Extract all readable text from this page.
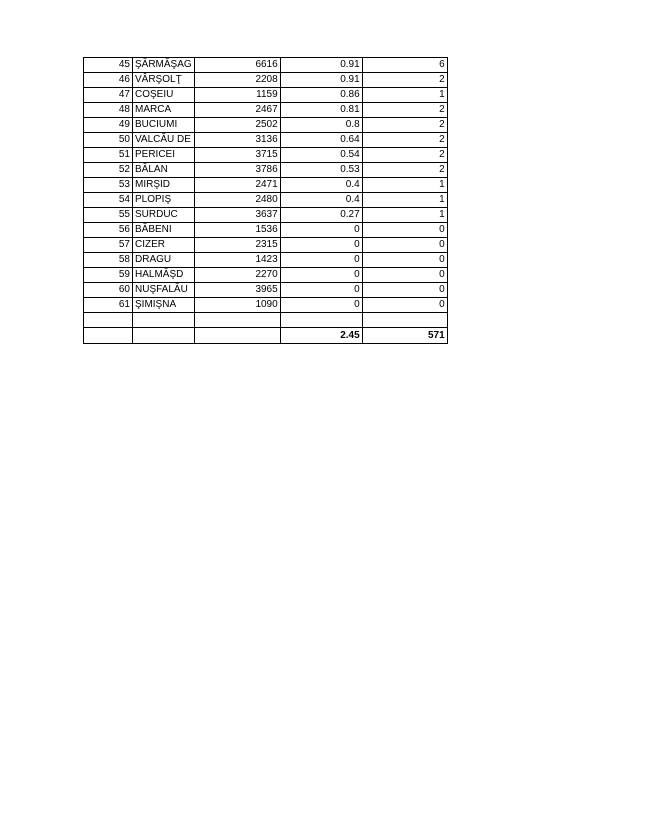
45	ŞĂRMĂŞAG	6616	0.91	6
46	VÂRŞOLŢ	2208	0.91	2
47	COŞEIU	1159	0.86	1
48	MARCA	2467	0.81	2
49	BUCIUMI	2502	0.8	2
50	VALCĂU DE	3136	0.64	2
51	PERICEI	3715	0.54	2
52	BĂLAN	3786	0.53	2
53	MIRŞID	2471	0.4	1
54	PLOPIŞ	2480	0.4	1
55	SURDUC	3637	0.27	1
56	BĂBENI	1536	0	0
57	CIZER	2315	0	0
58	DRAGU	1423	0	0
59	HALMĂŞD	2270	0	0
60	NUŞFALĂU	3965	0	0
61	ŞIMIŞNA	1090	0	0

			2.45	571
